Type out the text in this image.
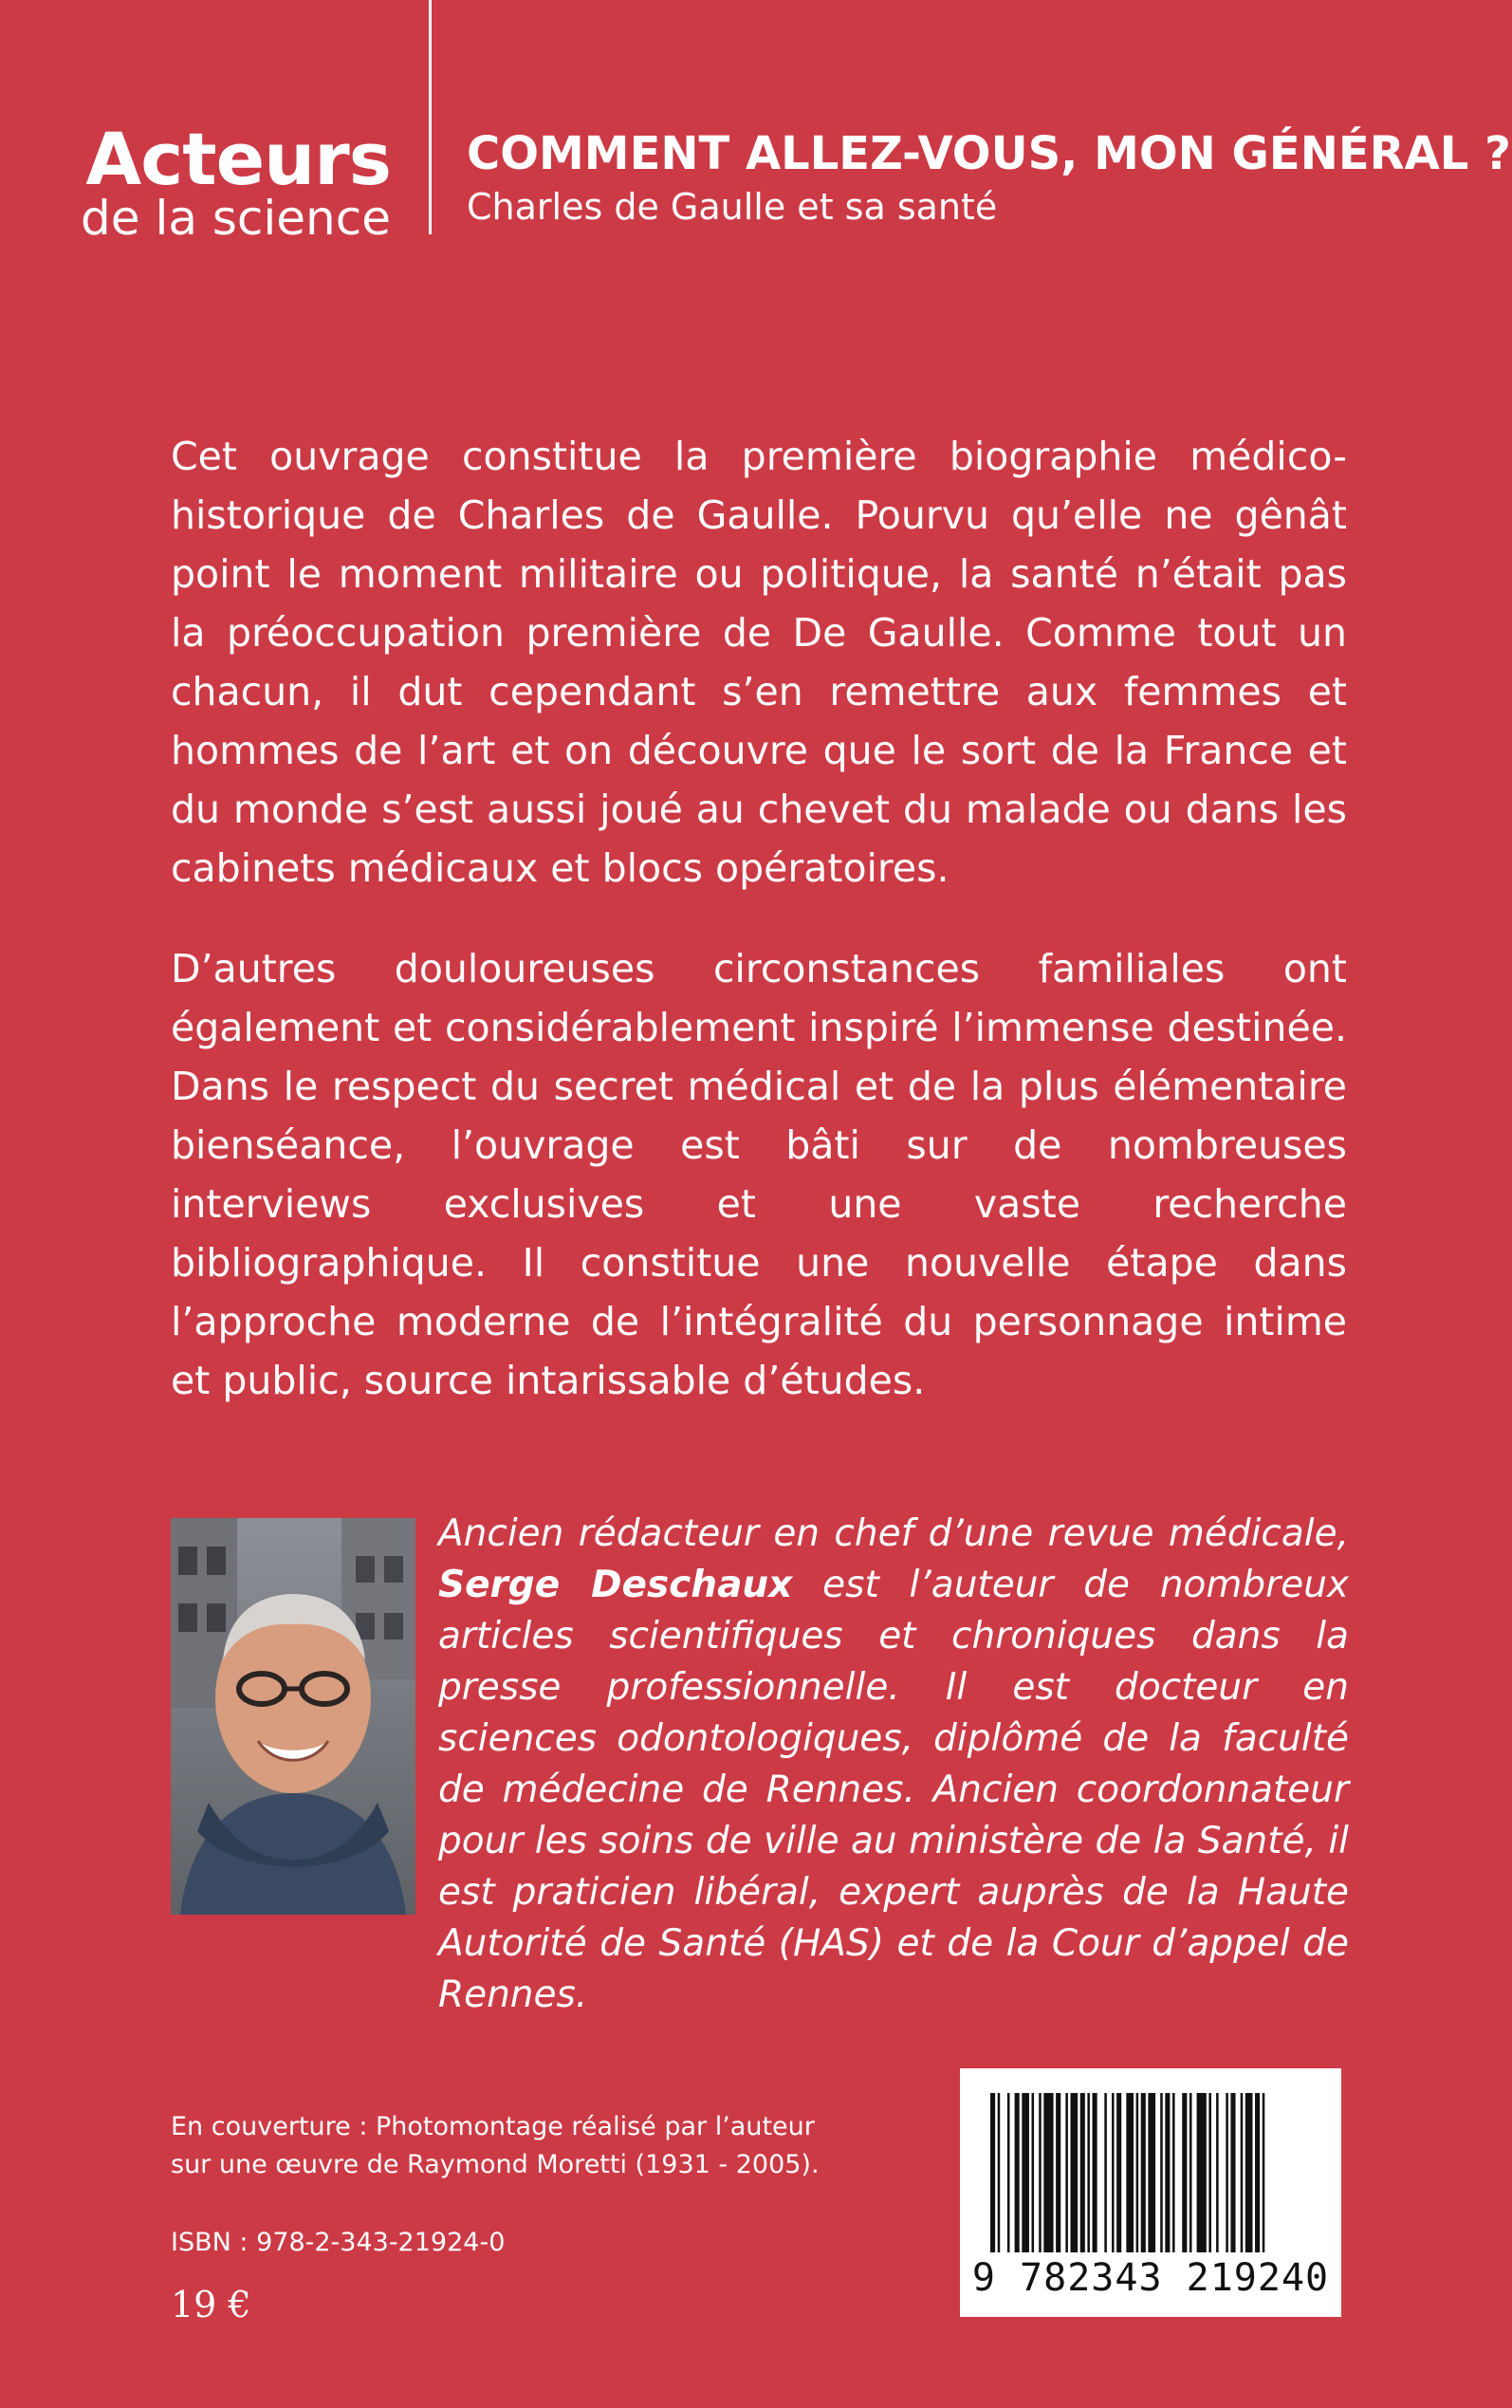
Acteurs
de la science
COMMENT ALLEZ-VOUS, MON GÉNÉRAL ?
Charles de Gaulle et sa santé

Cet ouvrage constitue la première biographie médico-historique de Charles de Gaulle. Pourvu qu’elle ne gênât point le moment militaire ou politique, la santé n’était pas la préoccupation première de De Gaulle. Comme tout un chacun, il dut cependant s’en remettre aux femmes et hommes de l’art et on découvre que le sort de la France et du monde s’est aussi joué au chevet du malade ou dans les cabinets médicaux et blocs opératoires.

D’autres douloureuses circonstances familiales ont également et considérablement inspiré l’immense destinée. Dans le respect du secret médical et de la plus élémentaire bienséance, l’ouvrage est bâti sur de nombreuses interviews exclusives et une vaste recherche bibliographique. Il constitue une nouvelle étape dans l’approche moderne de l’intégralité du personnage intime et public, source intarissable d’études.

Ancien rédacteur en chef d’une revue médicale, Serge Deschaux est l’auteur de nombreux articles scientifiques et chroniques dans la presse professionnelle. Il est docteur en sciences odontologiques, diplômé de la faculté de médecine de Rennes. Ancien coordonnateur pour les soins de ville au ministère de la Santé, il est praticien libéral, expert auprès de la Haute Autorité de Santé (HAS) et de la Cour d’appel de Rennes.

En couverture : Photomontage réalisé par l’auteur
sur une œuvre de Raymond Moretti (1931 - 2005).
ISBN : 978-2-343-21924-0
19 €
9 782343 219240
